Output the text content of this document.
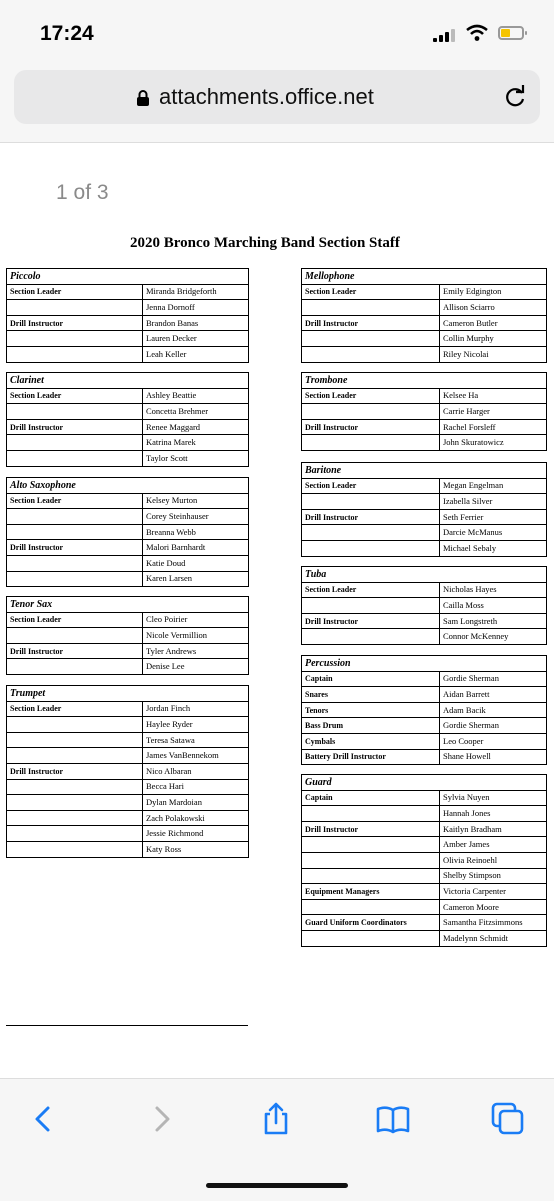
17:24
attachments.office.net
1 of 3
2020 Bronco Marching Band Section Staff
Piccolo	
Section Leader	Miranda Bridgeforth
	Jenna Dornoff
Drill Instructor	Brandon Banas
	Lauren Decker
	Leah Keller
Clarinet	
Section Leader	Ashley Beattie
	Concetta Brehmer
Drill Instructor	Renee Maggard
	Katrina Marek
	Taylor Scott
Alto Saxophone	
Section Leader	Kelsey Murton
	Corey Steinhauser
	Breanna Webb
Drill Instructor	Malori Barnhardt
	Katie Doud
	Karen Larsen
Tenor Sax	
Section Leader	Cleo Poirier
	Nicole Vermillion
Drill Instructor	Tyler Andrews
	Denise Lee
Trumpet	
Section Leader	Jordan Finch
	Haylee Ryder
	Teresa Satawa
	James VanBennekom
Drill Instructor	Nico Albaran
	Becca Hari
	Dylan Mardoian
	Zach Polakowski
	Jessie Richmond
	Katy Ross
Mellophone	
Section Leader	Emily Edgington
	Allison Sciarro
Drill Instructor	Cameron Butler
	Collin Murphy
	Riley Nicolai
Trombone	
Section Leader	Kelsee Ha
	Carrie Harger
Drill Instructor	Rachel Forsleff
	John Skuratowicz
Baritone	
Section Leader	Megan Engelman
	Izabella Silver
Drill Instructor	Seth Ferrier
	Darcie McManus
	Michael Sebaly
Tuba	
Section Leader	Nicholas Hayes
	Cailla Moss
Drill Instructor	Sam Longstreth
	Connor McKenney
Percussion	
Captain	Gordie Sherman
Snares	Aidan Barrett
Tenors	Adam Bacik
Bass Drum	Gordie Sherman
Cymbals	Leo Cooper
Battery Drill Instructor	Shane Howell
Guard	
Captain	Sylvia Nuyen
	Hannah Jones
Drill Instructor	Kaitlyn Bradham
	Amber James
	Olivia Reinoehl
	Shelby Stimpson
Equipment Managers	Victoria Carpenter
	Cameron Moore
Guard Uniform Coordinators	Samantha Fitzsimmons
	Madelynn Schmidt
